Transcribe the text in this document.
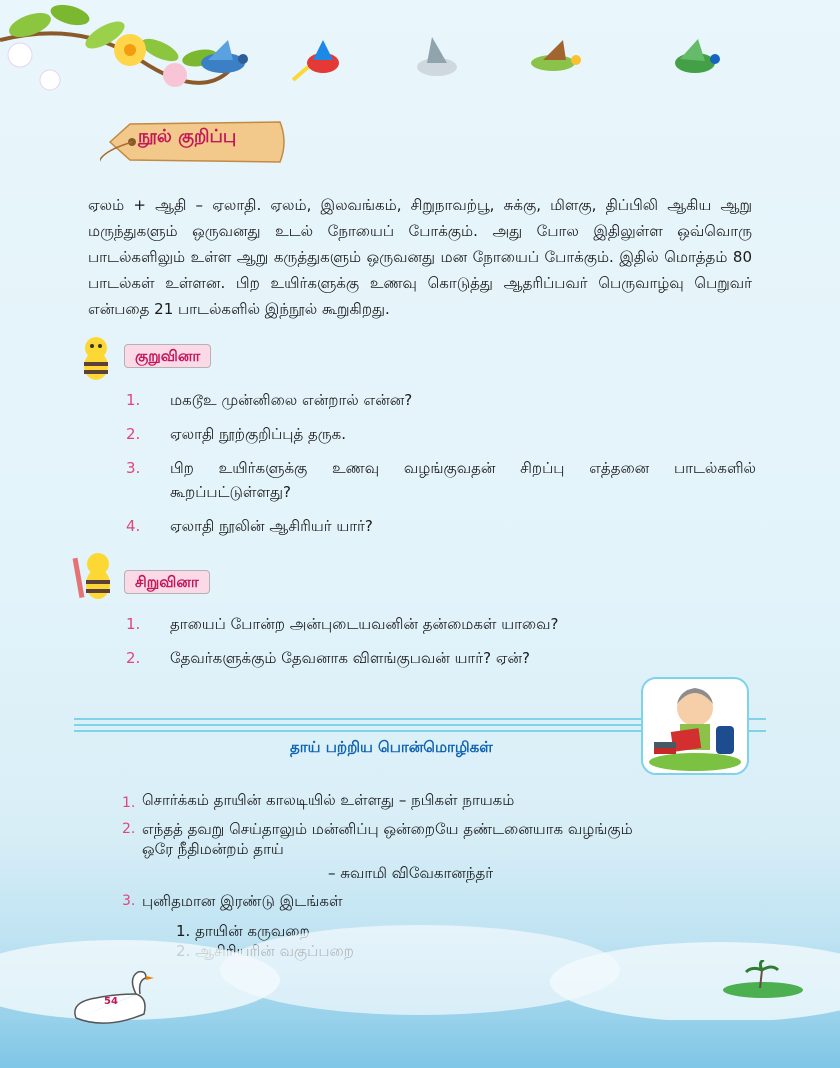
நூல் குறிப்பு

ஏலம் + ஆதி – ஏலாதி. ஏலம், இலவங்கம், சிறுநாவற்பூ, சுக்கு, மிளகு, திப்பிலி ஆகிய ஆறு மருந்துகளும் ஒருவனது உடல் நோயைப் போக்கும். அது போல இதிலுள்ள ஒவ்வொரு பாடல்களிலும் உள்ள ஆறு கருத்துகளும் ஒருவனது மன நோயைப் போக்கும். இதில் மொத்தம் 80 பாடல்கள் உள்ளன. பிற உயிர்களுக்கு உணவு கொடுத்து ஆதரிப்பவர் பெருவாழ்வு பெறுவர் என்பதை 21 பாடல்களில் இந்நூல் கூறுகிறது.

குறுவினா
1.	மகடூஉ முன்னிலை என்றால் என்ன?
2.	ஏலாதி நூற்குறிப்புத் தருக.
3.	பிற உயிர்களுக்கு உணவு வழங்குவதன் சிறப்பு எத்தனை பாடல்களில் கூறப்பட்டுள்ளது?
4.	ஏலாதி நூலின் ஆசிரியர் யார்?
சிறுவினா
1.	தாயைப் போன்ற அன்புடையவனின் தன்மைகள் யாவை?
2.	தேவர்களுக்கும் தேவனாக விளங்குபவன் யார்? ஏன்?
தாய் பற்றிய பொன்மொழிகள்
1. சொர்க்கம் தாயின் காலடியில் உள்ளது – நபிகள் நாயகம்
2. எந்தத் தவறு செய்தாலும் மன்னிப்பு ஒன்றையே தண்டனையாக வழங்கும்
ஒரே நீதிமன்றம் தாய்
– சுவாமி விவேகானந்தர்
3. புனிதமான இரண்டு இடங்கள்
1. தாயின் கருவறை
ஆசிரியரின்
54
